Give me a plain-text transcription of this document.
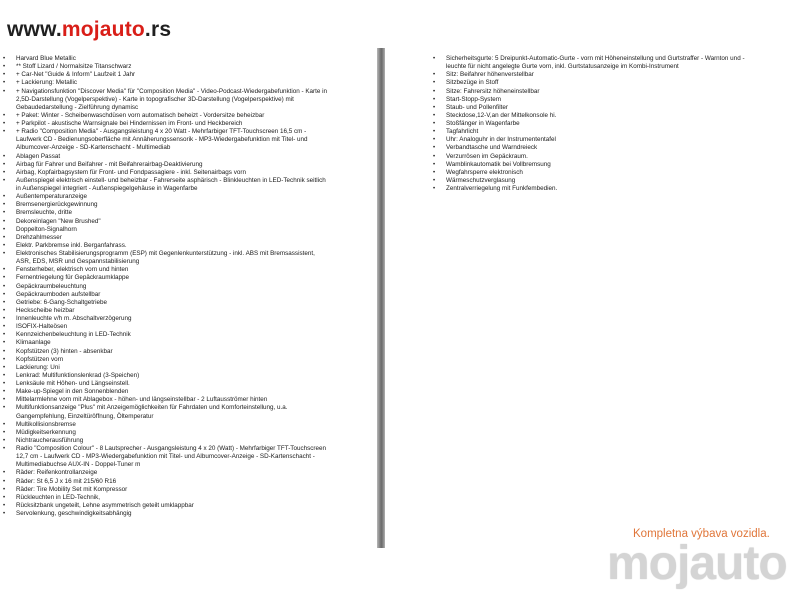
www.mojauto.rs
• Harvard Blue Metallic
• ** Stoff Lizard / Normalsitze Titanschwarz
• + Car-Net "Guide & Inform" Laufzeit 1 Jahr
• + Lackierung: Metallic
• + Navigationsfunktion "Discover Media" für "Composition Media" - Video-Podcast-Wiedergabefunktion - Karte in 2,5D-Darstellung (Vogelperspektive) - Karte in topografischer 3D-Darstellung (Vogelperspektive) mit Gebaudedarstellung - Zielführung dynamisc
• + Paket: Winter - Scheibenwaschdüsen vorn automatisch beheizt - Vordersitze beheizbar
• + Parkpilot - akustische Warnsignale bei Hindernissen im Front- und Heckbereich
• + Radio "Composition Media" - Ausgangsleistung 4 x 20 Watt - Mehrfarbiger TFT-Touchscreen 16,5 cm - Laufwerk CD - Bedienungsoberfläche mit Annäherungssensorik - MP3-Wiedergabefunktion mit Titel- und Albumcover-Anzeige - SD-Kartenschacht - Multimediab
• Ablagen Passat
• Airbag für Fahrer und Beifahrer - mit Beifahrerairbag-Deaktivierung
• Airbag, Kopfairbagsystem für Front- und Fondpassagiere - inkl. Seitenairbags vorn
• Außenspiegel elektrisch einstell- und beheizbar - Fahrerseite asphärisch - Blinkleuchten in LED-Technik seitlich in Außenspiegel integriert - Außenspiegelgehäuse in Wagenfarbe
• Außentemperaturanzeige
• Bremsenergierückgewinnung
• Bremsleuchte, dritte
• Dekoreinlagen "New Brushed"
• Doppelton-Signalhorn
• Drehzahlmesser
• Elektr. Parkbremse inkl. Berganfahrass.
• Elektronisches Stabilisierungsprogramm (ESP) mit Gegenlenkunterstützung - inkl. ABS mit Bremsassistent, ASR, EDS, MSR und Gespannstabilisierung
• Fensterheber, elektrisch vorn und hinten
• Fernentriegelung für Gepäckraumklappe
• Gepäckraumbeleuchtung
• Gepäckraumboden aufstellbar
• Getriebe: 6-Gang-Schaltgetriebe
• Heckscheibe heizbar
• Innenleuchte v/h m. Abschaltverzögerung
• ISOFIX-Halteösen
• Kennzeichenbeleuchtung in LED-Technik
• Klimaanlage
• Kopfstützen (3) hinten - absenkbar
• Kopfstützen vorn
• Lackierung: Uni
• Lenkrad: Multifunktionslenkrad (3-Speichen)
• Lenksäule mit Höhen- und Längseinstell.
• Make-up-Spiegel in den Sonnenblenden
• Mittelarmlehne vorn mit Ablagebox - höhen- und längseinstellbar - 2 Luftausströmer hinten
• Multifunktionsanzeige "Plus" mit Anzeigemöglichkeiten für Fahrdaten und Komforteinstellung, u.a. Gangempfehlung, Einzeltüröffnung, Öltemperatur
• Multikollisionsbremse
• Müdigkeitserkennung
• Nichtraucherausführung
• Radio "Composition Colour" - 8 Lautsprecher - Ausgangsleistung 4 x 20 (Watt) - Mehrfarbiger TFT-Touchscreen 12,7 cm - Laufwerk CD - MP3-Wiedergabefunktion mit Titel- und Albumcover-Anzeige - SD-Kartenschacht - Multimediabuchse AUX-IN - Doppel-Tuner m
• Räder: Reifenkontrollanzeige
• Räder: St 6,5 J x 16 mit 215/60 R16
• Räder: Tire Mobility Set mit Kompressor
• Rückleuchten in LED-Technik,
• Rücksitzbank ungeteilt, Lehne asymmetrisch geteilt umklappbar
• Servolenkung, geschwindigkeitsabhängig
• Sicherheitsgurte: 5 Dreipunkt-Automatic-Gurte - vorn mit Höheneinstellung und Gurtstraffer - Warnton und -leuchte für nicht angelegte Gurte vorn, inkl. Gurtstatusanzeige im Kombi-Instrument
• Sitz: Beifahrer höhenverstellbar
• Sitzbezüge in Stoff
• Sitze: Fahrersitz höheneinstellbar
• Start-Stopp-System
• Staub- und Pollenfilter
• Steckdose,12-V,an der Mittelkonsole hi.
• Stoßfänger in Wagenfarbe
• Tagfahrlicht
• Uhr: Analoguhr in der Instrumententafel
• Verbandtasche und Warndreieck
• Verzurrösen im Gepäckraum.
• Wamblinkautomatik bei Vollbremsung
• Wegfahrsperre elektronisch
• Wärmeschutzverglasung
• Zentralverriegelung mit Funkfembedien.
Kompletna výbava vozidla.
mojauto
